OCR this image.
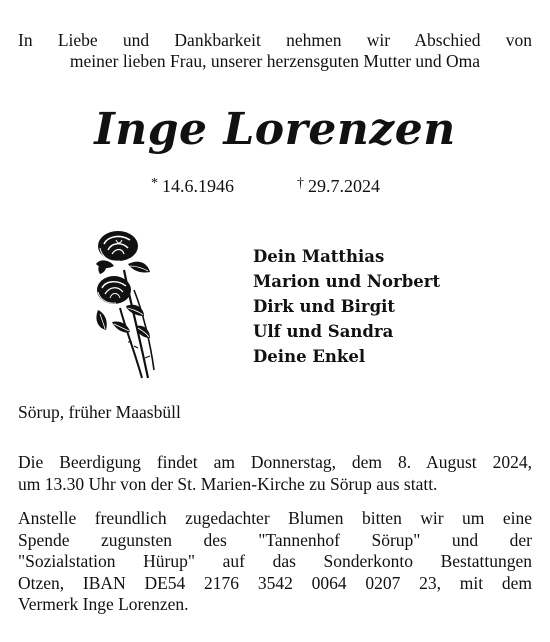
In Liebe und Dankbarkeit nehmen wir Abschied von
meiner lieben Frau, unserer herzensguten Mutter und Oma
Inge Lorenzen
* 14.6.1946	† 29.7.2024
Dein Matthias
Marion und Norbert
Dirk und Birgit
Ulf und Sandra
Deine Enkel
Sörup, früher Maasbüll
Die Beerdigung findet am Donnerstag, dem 8. August 2024,
um 13.30 Uhr von der St. Marien-Kirche zu Sörup aus statt.
Anstelle freundlich zugedachter Blumen bitten wir um eine
Spende zugunsten des "Tannenhof Sörup" und der
"Sozialstation Hürup" auf das Sonderkonto Bestattungen
Otzen, IBAN DE54 2176 3542 0064 0207 23, mit dem
Vermerk Inge Lorenzen.
